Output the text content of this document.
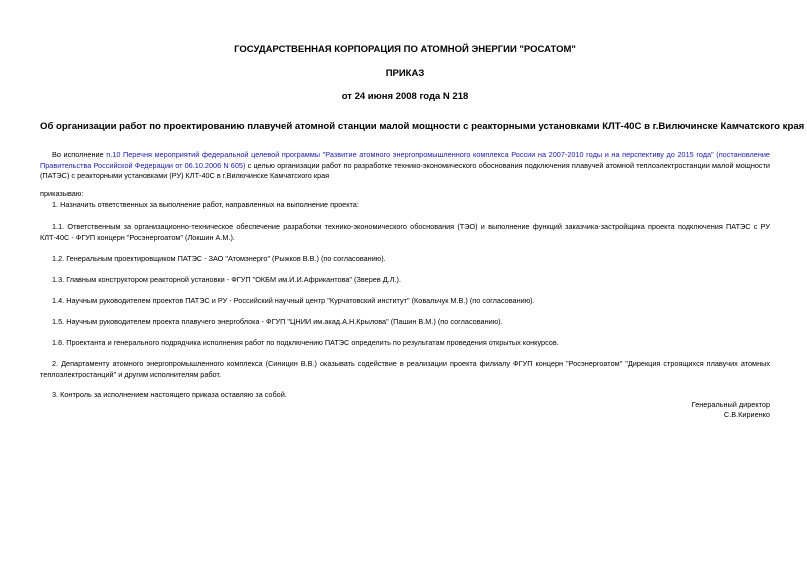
ГОСУДАРСТВЕННАЯ КОРПОРАЦИЯ ПО АТОМНОЙ ЭНЕРГИИ "РОСАТОМ"
ПРИКАЗ
от 24 июня 2008 года N 218
Об организации работ по проектированию плавучей атомной станции малой мощности с реакторными установками КЛТ-40С в г.Вилючинске Камчатского края
Во исполнение п.10 Перечня мероприятий федеральной целевой программы "Развитие атомного энергопромышленного комплекса России на 2007-2010 годы и на перспективу до 2015 года" (постановление Правительства Российской Федерации от 06.10.2006 N 605) с целью организации работ по разработке технико-экономического обоснования подключения плавучей атомной теплоэлектростанции малой мощности (ПАТЭС) с реакторными установками (РУ) КЛТ-40С в г.Вилючинске Камчатского края
приказываю:
1. Назначить ответственных за выполнение работ, направленных на выполнение проекта:
1.1. Ответственным за организационно-техническое обеспечение разработки технико-экономического обоснования (ТЭО) и выполнение функций заказчика-застройщика проекта подключения ПАТЭС с РУ КЛТ-40С - ФГУП концерн "Росэнергоатом" (Локшин А.М.).
1.2. Генеральным проектировщиком ПАТЭС - ЗАО "Атомэнерго" (Рыжков В.В.) (по согласованию).
1.3. Главным конструктором реакторной установки - ФГУП "ОКБМ им.И.И.Африкантова" (Зверев Д.Л.).
1.4. Научным руководителем проектов ПАТЭС и РУ - Российский научный центр "Курчатовский институт" (Ковальчук М.В.) (по согласованию).
1.5. Научным руководителем проекта плавучего энергоблока - ФГУП "ЦНИИ им.акад.А.Н.Крылова" (Пашин В.М.) (по согласованию).
1.6. Проектанта и генерального подрядчика исполнения работ по подключению ПАТЭС определить по результатам проведения открытых конкурсов.
2. Департаменту атомного энергопромышленного комплекса (Синицин В.В.) оказывать содействие в реализации проекта филиалу ФГУП концерн "Росэнергоатом" "Дирекция строящихся плавучих атомных теплоэлектростанций" и другим исполнителям работ.
3. Контроль за исполнением настоящего приказа оставляю за собой.
Генеральный директор
С.В.Кириенко
